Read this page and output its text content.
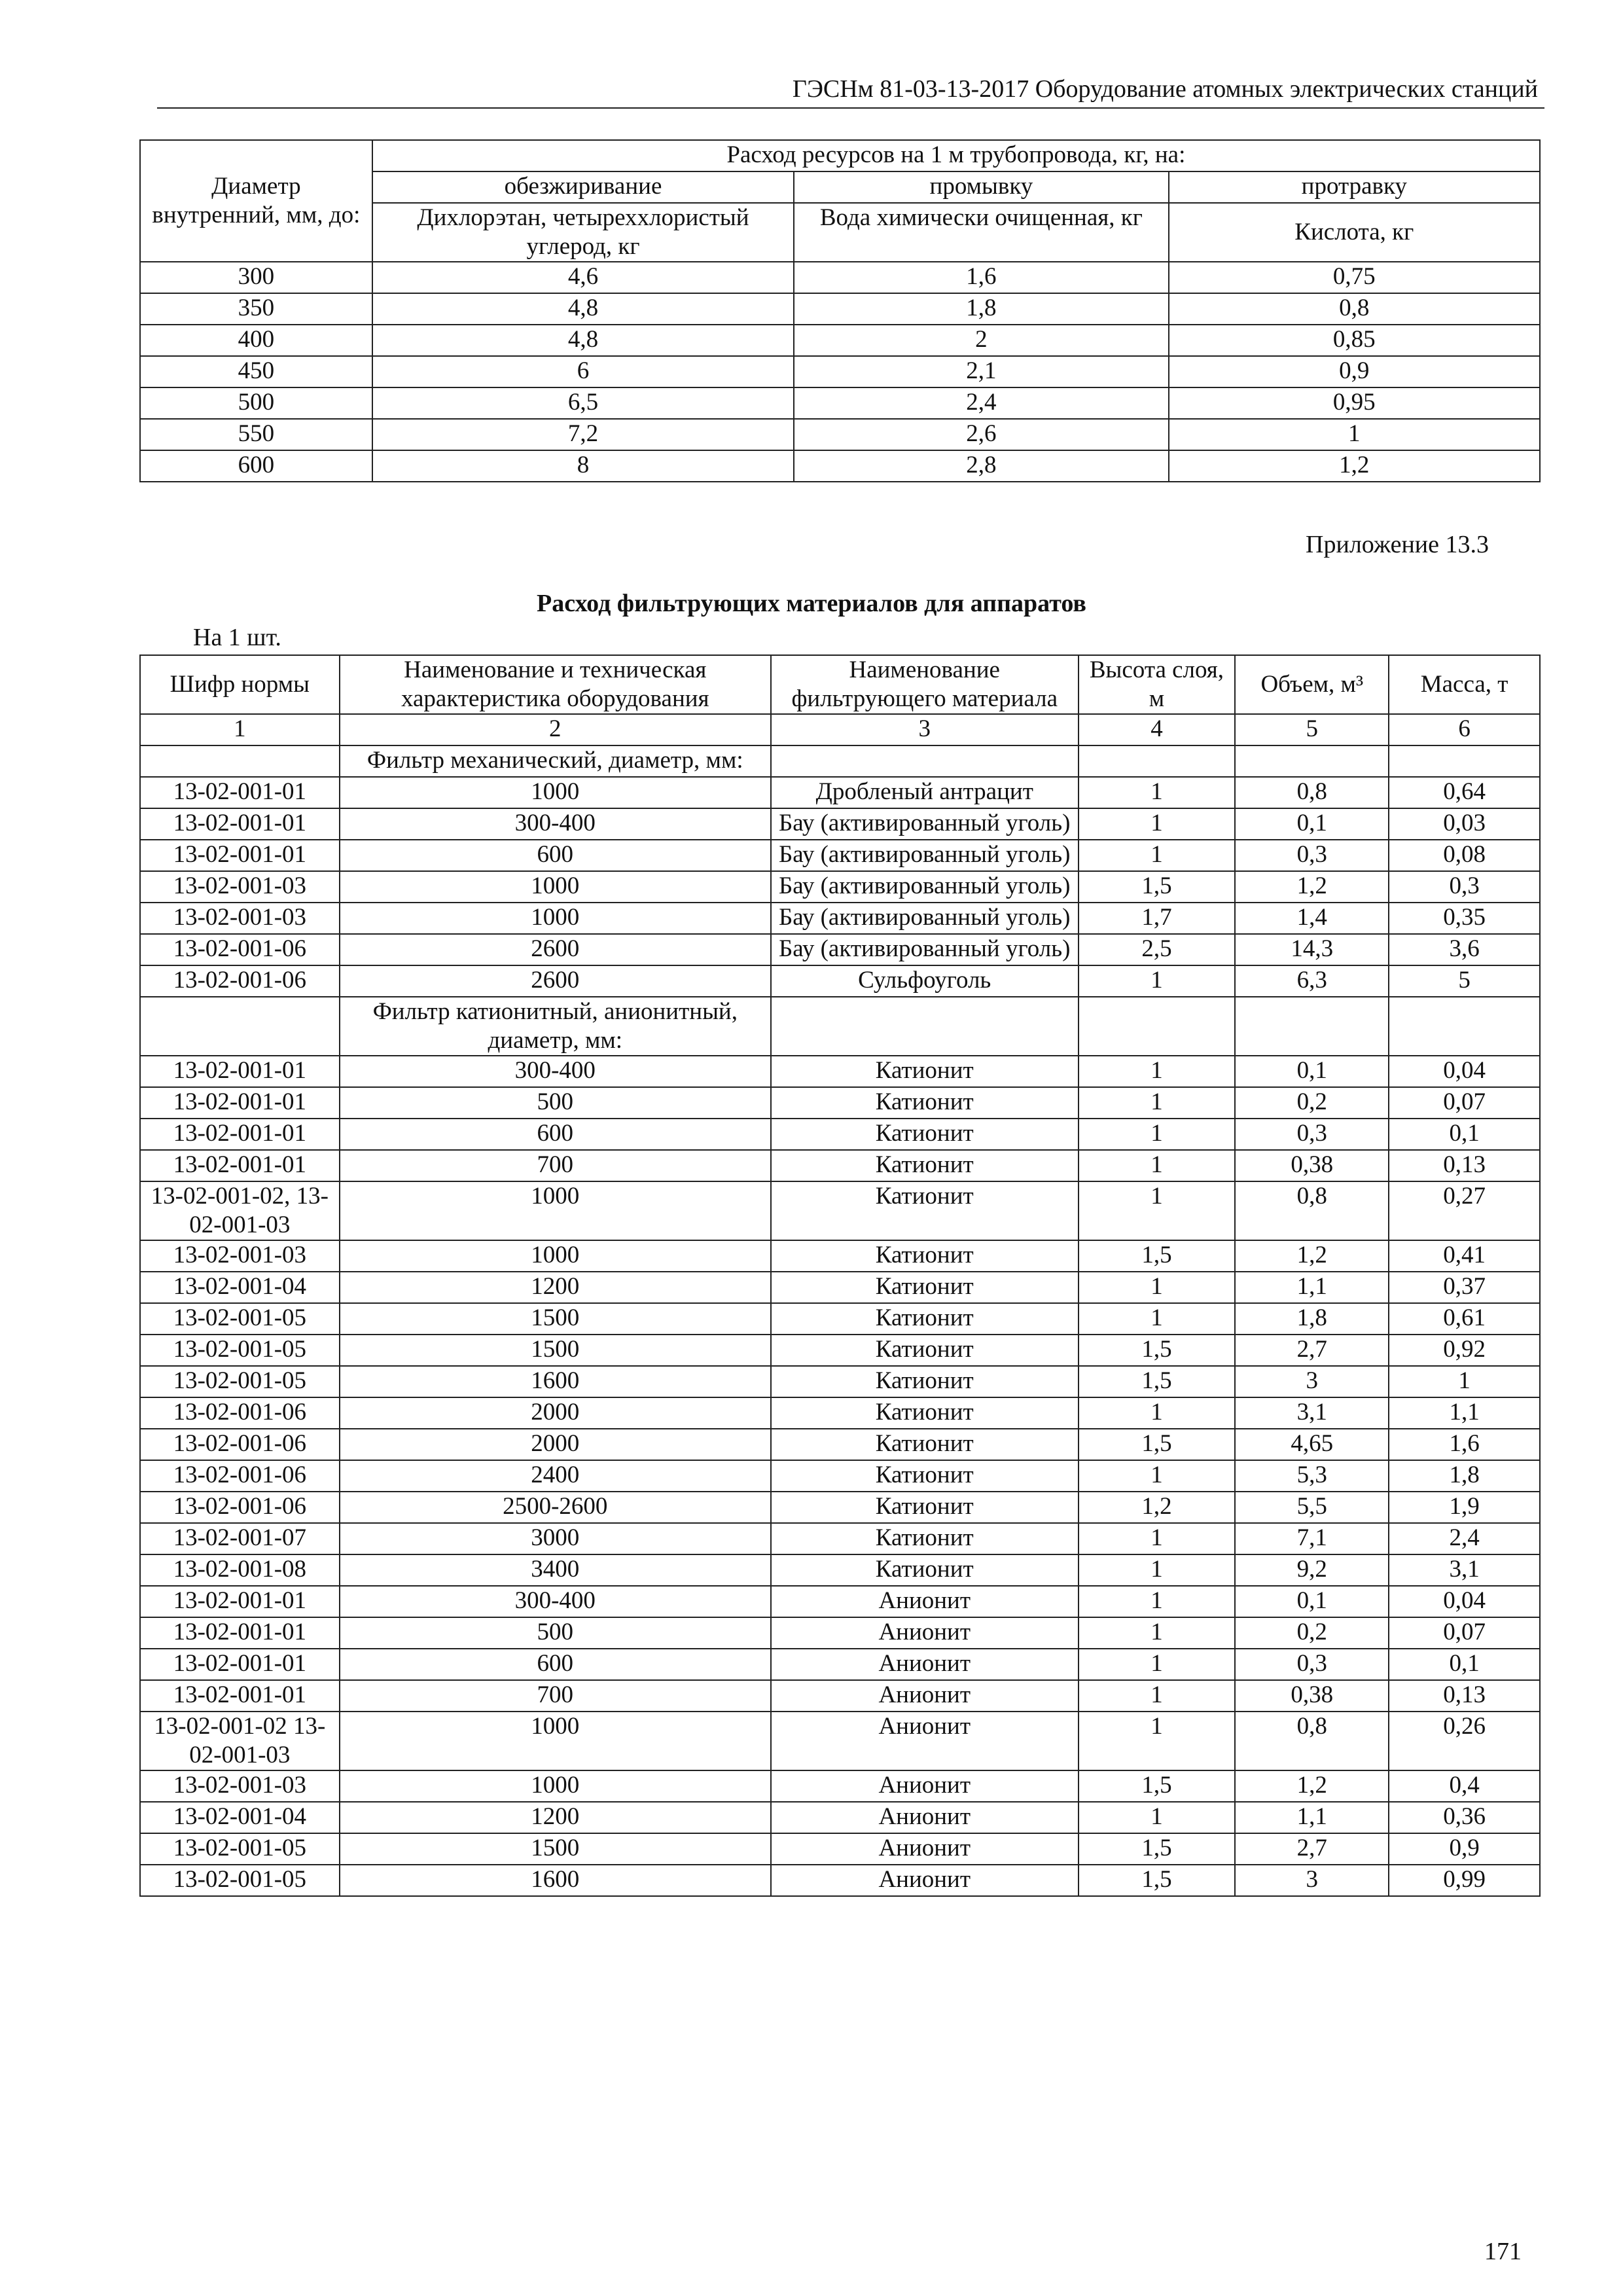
ГЭСНм 81-03-13-2017 Оборудование атомных электрических станций
Диаметр внутренний, мм, до:	Расход ресурсов на 1 м трубопровода, кг, на:		
	обезжиривание	промывку	протравку
	Дихлорэтан, четыреххлористый углерод, кг	Вода химически очищенная, кг	Кислота, кг
300	4,6	1,6	0,75
350	4,8	1,8	0,8
400	4,8	2	0,85
450	6	2,1	0,9
500	6,5	2,4	0,95
550	7,2	2,6	1
600	8	2,8	1,2
Приложение 13.3
Расход фильтрующих материалов для аппаратов
На 1 шт.
Шифр нормы	Наименование и техническая характеристика оборудования	Наименование фильтрующего материала	Высота слоя, м	Объем, м³	Масса, т
1	2	3	4	5	6
	Фильтр механический, диаметр, мм:				
13-02-001-01	1000	Дробленый антрацит	1	0,8	0,64
13-02-001-01	300-400	Бау (активированный уголь)	1	0,1	0,03
13-02-001-01	600	Бау (активированный уголь)	1	0,3	0,08
13-02-001-03	1000	Бау (активированный уголь)	1,5	1,2	0,3
13-02-001-03	1000	Бау (активированный уголь)	1,7	1,4	0,35
13-02-001-06	2600	Бау (активированный уголь)	2,5	14,3	3,6
13-02-001-06	2600	Сульфоуголь	1	6,3	5
	Фильтр катионитный, анионитный, диаметр, мм:				
13-02-001-01	300-400	Катионит	1	0,1	0,04
13-02-001-01	500	Катионит	1	0,2	0,07
13-02-001-01	600	Катионит	1	0,3	0,1
13-02-001-01	700	Катионит	1	0,38	0,13
13-02-001-02, 13-02-001-03	1000	Катионит	1	0,8	0,27
13-02-001-03	1000	Катионит	1,5	1,2	0,41
13-02-001-04	1200	Катионит	1	1,1	0,37
13-02-001-05	1500	Катионит	1	1,8	0,61
13-02-001-05	1500	Катионит	1,5	2,7	0,92
13-02-001-05	1600	Катионит	1,5	3	1
13-02-001-06	2000	Катионит	1	3,1	1,1
13-02-001-06	2000	Катионит	1,5	4,65	1,6
13-02-001-06	2400	Катионит	1	5,3	1,8
13-02-001-06	2500-2600	Катионит	1,2	5,5	1,9
13-02-001-07	3000	Катионит	1	7,1	2,4
13-02-001-08	3400	Катионит	1	9,2	3,1
13-02-001-01	300-400	Анионит	1	0,1	0,04
13-02-001-01	500	Анионит	1	0,2	0,07
13-02-001-01	600	Анионит	1	0,3	0,1
13-02-001-01	700	Анионит	1	0,38	0,13
13-02-001-02 13-02-001-03	1000	Анионит	1	0,8	0,26
13-02-001-03	1000	Анионит	1,5	1,2	0,4
13-02-001-04	1200	Анионит	1	1,1	0,36
13-02-001-05	1500	Анионит	1,5	2,7	0,9
13-02-001-05	1600	Анионит	1,5	3	0,99
171
